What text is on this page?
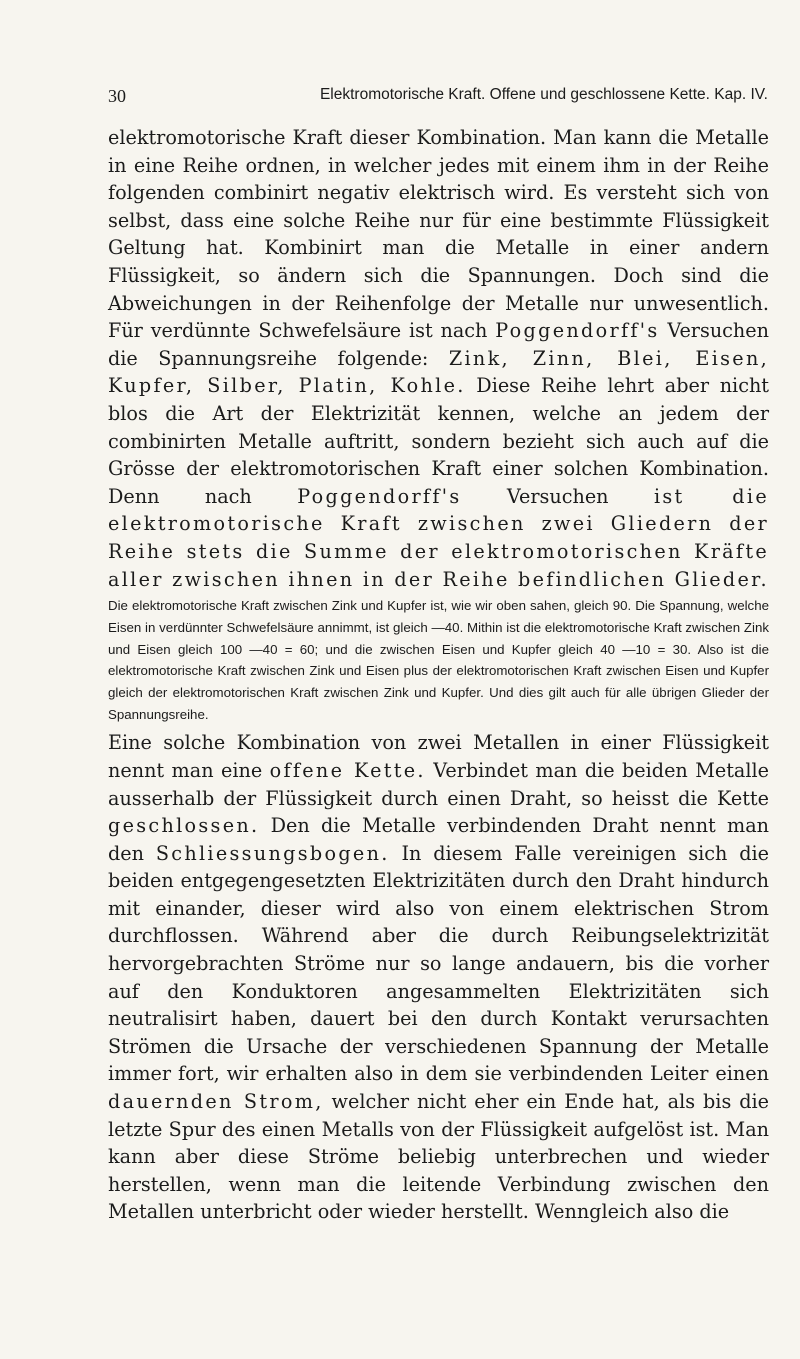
30	Elektromotorische Kraft. Offene und geschlossene Kette. Kap. IV.

elektromotorische Kraft dieser Kombination. Man kann die Metalle in eine Reihe ordnen, in welcher jedes mit einem ihm in der Reihe folgenden combinirt negativ elektrisch wird. Es versteht sich von selbst, dass eine solche Reihe nur für eine bestimmte Flüssigkeit Geltung hat. Kombinirt man die Metalle in einer andern Flüssigkeit, so ändern sich die Spannungen. Doch sind die Abweichungen in der Reihenfolge der Metalle nur unwesentlich. Für verdünnte Schwefelsäure ist nach Poggendorff's Versuchen die Spannungsreihe folgende: Zink, Zinn, Blei, Eisen, Kupfer, Silber, Platin, Kohle. Diese Reihe lehrt aber nicht blos die Art der Elektrizität kennen, welche an jedem der combinirten Metalle auftritt, sondern bezieht sich auch auf die Grösse der elektromotorischen Kraft einer solchen Kombination. Denn nach Poggendorff's Versuchen ist die elektromotorische Kraft zwischen zwei Gliedern der Reihe stets die Summe der elektromotorischen Kräfte aller zwischen ihnen in der Reihe befindlichen Glieder.

Die elektromotorische Kraft zwischen Zink und Kupfer ist, wie wir oben sahen, gleich 90. Die Spannung, welche Eisen in verdünnter Schwefelsäure annimmt, ist gleich —40. Mithin ist die elektromotorische Kraft zwischen Zink und Eisen gleich 100 —40 = 60; und die zwischen Eisen und Kupfer gleich 40 —10 = 30. Also ist die elektromotorische Kraft zwischen Zink und Eisen plus der elektromotorischen Kraft zwischen Eisen und Kupfer gleich der elektromotorischen Kraft zwischen Zink und Kupfer. Und dies gilt auch für alle übrigen Glieder der Spannungsreihe.

Eine solche Kombination von zwei Metallen in einer Flüssigkeit nennt man eine offene Kette. Verbindet man die beiden Metalle ausserhalb der Flüssigkeit durch einen Draht, so heisst die Kette geschlossen. Den die Metalle verbindenden Draht nennt man den Schliessungsbogen. In diesem Falle vereinigen sich die beiden entgegengesetzten Elektrizitäten durch den Draht hindurch mit einander, dieser wird also von einem elektrischen Strom durchflossen. Während aber die durch Reibungselektrizität hervorgebrachten Ströme nur so lange andauern, bis die vorher auf den Konduktoren angesammelten Elektrizitäten sich neutralisirt haben, dauert bei den durch Kontakt verursachten Strömen die Ursache der verschiedenen Spannung der Metalle immer fort, wir erhalten also in dem sie verbindenden Leiter einen dauernden Strom, welcher nicht eher ein Ende hat, als bis die letzte Spur des einen Metalls von der Flüssigkeit aufgelöst ist. Man kann aber diese Ströme beliebig unterbrechen und wieder herstellen, wenn man die leitende Verbindung zwischen den Metallen unterbricht oder wieder herstellt. Wenngleich also die
